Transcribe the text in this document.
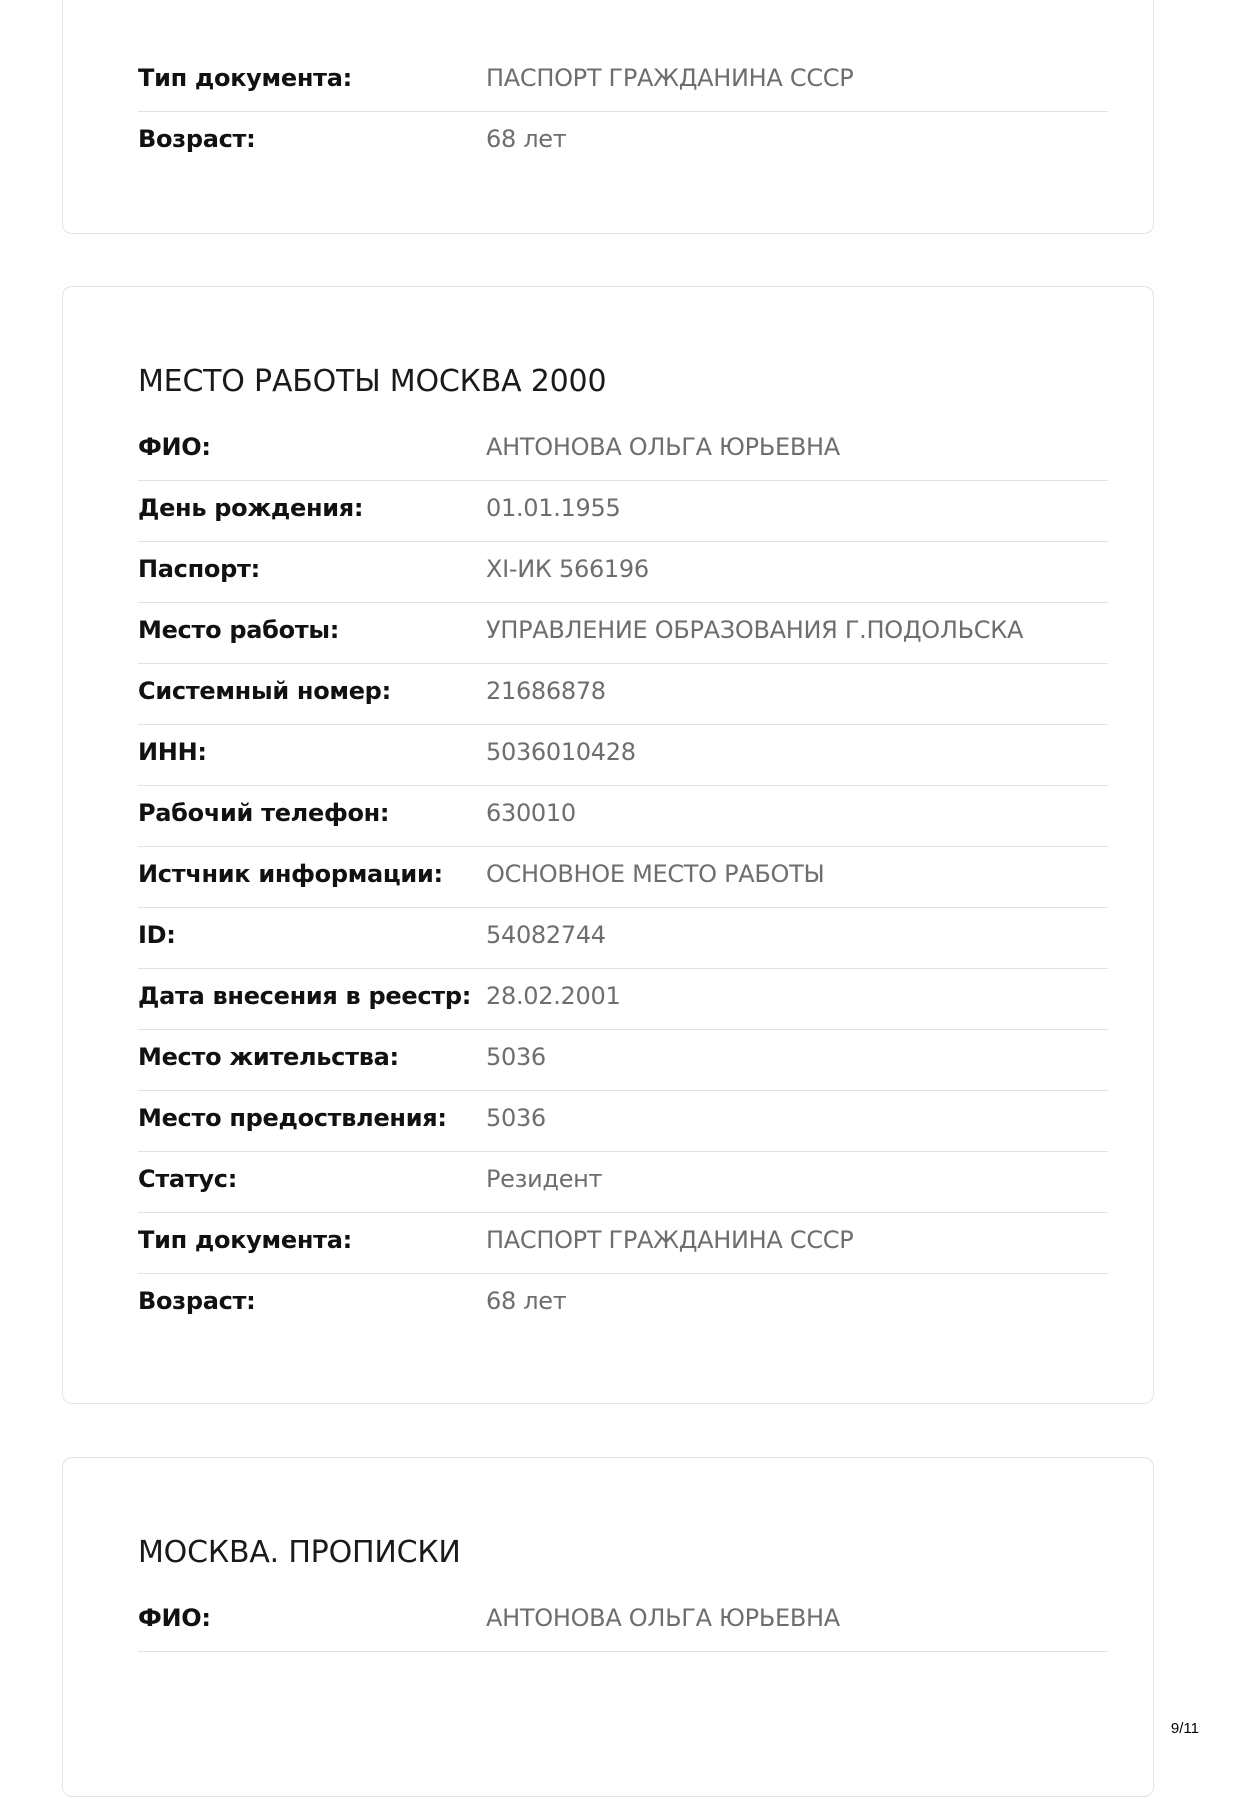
Тип документа:	ПАСПОРТ ГРАЖДАНИНА СССР
Возраст:	68 лет
МЕСТО РАБОТЫ МОСКВА 2000
ФИО:	АНТОНОВА ОЛЬГА ЮРЬЕВНА
День рождения:	01.01.1955
Паспорт:	XI-ИК 566196
Место работы:	УПРАВЛЕНИЕ ОБРАЗОВАНИЯ Г.ПОДОЛЬСКА
Системный номер:	21686878
ИНН:	5036010428
Рабочий телефон:	630010
Истчник информации: ОСНОВНОЕ МЕСТО РАБОТЫ
ID:	54082744
Дата внесения в реестр: 28.02.2001
Место жительства:	5036
Место предоствления: 5036
Статус:	Резидент
Тип документа:	ПАСПОРТ ГРАЖДАНИНА СССР
Возраст:	68 лет
МОСКВА. ПРОПИСКИ
ФИО:	АНТОНОВА ОЛЬГА ЮРЬЕВНА
9/11
